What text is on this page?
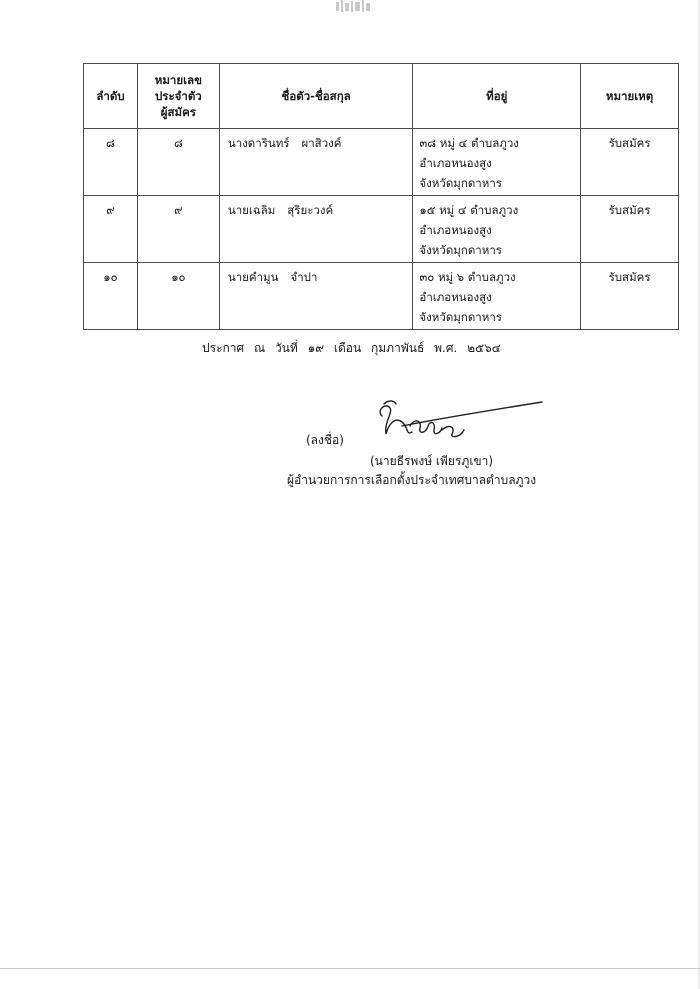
ลำดับ	หมายเลข
ประจำตัว
ผู้สมัคร	ชื่อตัว-ชื่อสกุล	ที่อยู่	หมายเหตุ
๘	๘	นางดารินทร์ ผาสิวงค์	๓๘ หมู่ ๔ ตำบลภูวง
อำเภอหนองสูง
จังหวัดมุกดาหาร	รับสมัคร
๙	๙	นายเฉลิม สุริยะวงค์	๑๕ หมู่ ๔ ตำบลภูวง
อำเภอหนองสูง
จังหวัดมุกดาหาร	รับสมัคร
๑๐	๑๐	นายคำมูน จำปา	๓๐ หมู่ ๖ ตำบลภูวง
อำเภอหนองสูง
จังหวัดมุกดาหาร	รับสมัคร
ประกาศ ณ วันที่ ๑๙ เดือน กุมภาพันธ์ พ.ศ. ๒๕๖๔
(ลงชื่อ)
(นายธีรพงษ์ เพียรภูเขา)
ผู้อำนวยการการเลือกตั้งประจำเทศบาลตำบลภูวง
